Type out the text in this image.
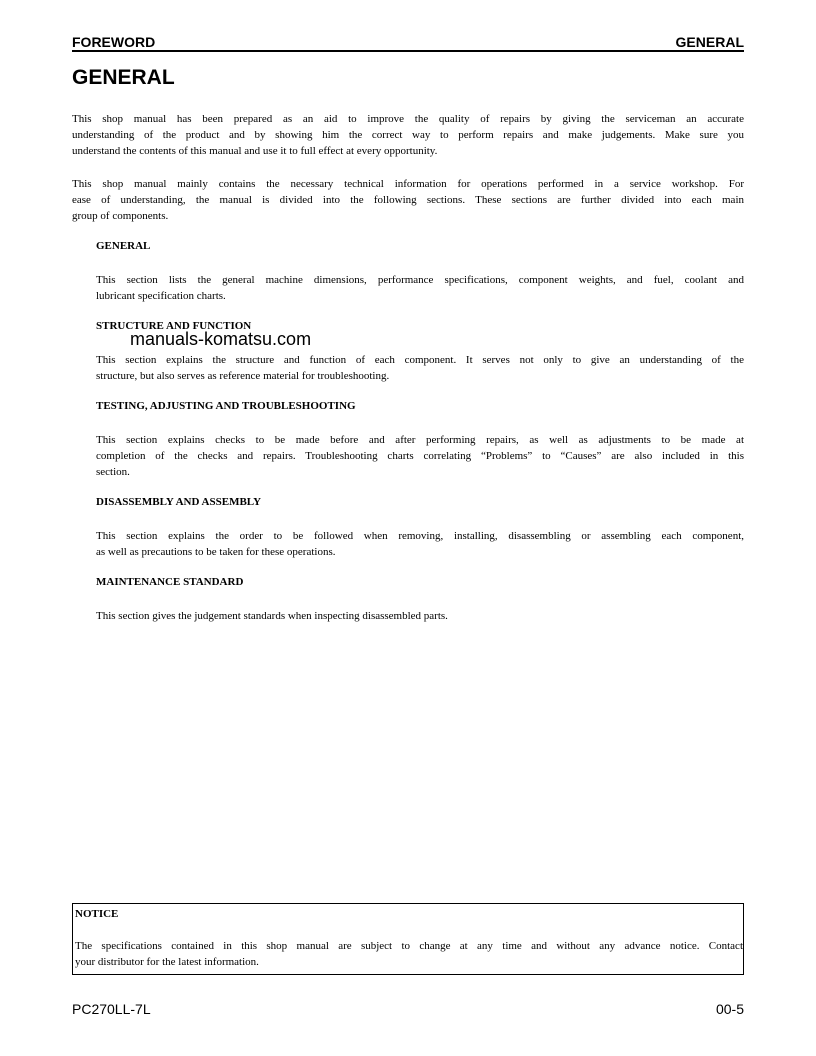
FOREWORD	GENERAL
GENERAL
This shop manual has been prepared as an aid to improve the quality of repairs by giving the serviceman an accurate
understanding of the product and by showing him the correct way to perform repairs and make judgements. Make sure you
understand the contents of this manual and use it to full effect at every opportunity.
This shop manual mainly contains the necessary technical information for operations performed in a service workshop. For
ease of understanding, the manual is divided into the following sections. These sections are further divided into each main
group of components.
GENERAL
This section lists the general machine dimensions, performance specifications, component weights, and fuel, coolant and
lubricant specification charts.
STRUCTURE AND FUNCTION
manuals-komatsu.com
This section explains the structure and function of each component. It serves not only to give an understanding of the
structure, but also serves as reference material for troubleshooting.
TESTING, ADJUSTING AND TROUBLESHOOTING
This section explains checks to be made before and after performing repairs, as well as adjustments to be made at
completion of the checks and repairs. Troubleshooting charts correlating “Problems” to “Causes” are also included in this
section.
DISASSEMBLY AND ASSEMBLY
This section explains the order to be followed when removing, installing, disassembling or assembling each component,
as well as precautions to be taken for these operations.
MAINTENANCE STANDARD
This section gives the judgement standards when inspecting disassembled parts.
NOTICE
The specifications contained in this shop manual are subject to change at any time and without any advance notice. Contact
your distributor for the latest information.
PC270LL-7L	00-5
